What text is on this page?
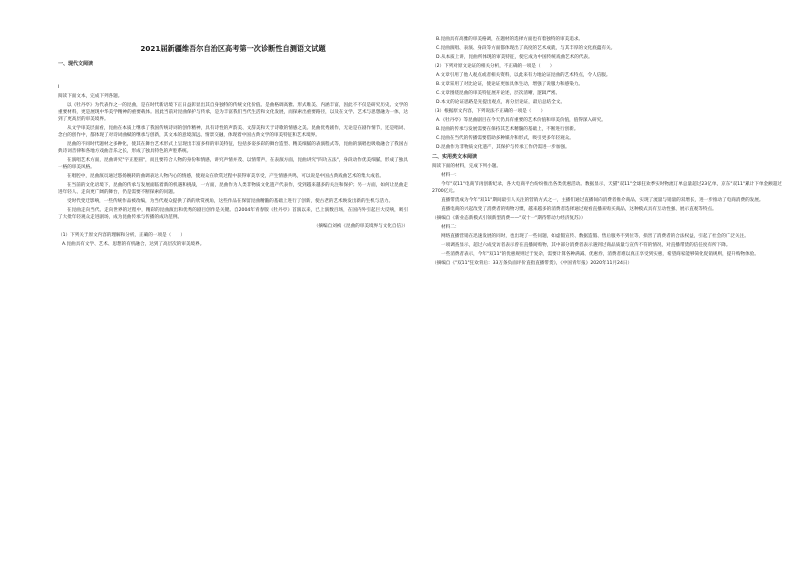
2021届新疆维吾尔自治区高考第一次诊断性自测语文试题
一、现代文阅读

I

阅读下面文本，完成下列各题。

以《牡丹亭》为代表作之一的昆曲，是在时代新语境下正日益彰显出其自身独特的传统文化价值。是曲格调高雅、形式唯美、内涵丰富，因此不不仅是研究历史、文学的重要材料，更是展现中华美学精神的重要载体。因此当前对昆曲保护与传承，是为丰富我们当代生活和文化发展，而探索出重要路径，以及在文学、艺术与思想融为一体，达到了更高层的审美境界。

从文学审美层面看，昆曲在本质上继承了我国传统诗词的创作精神，具有诗性的声韵美、文辞美和天于诗歌的情感之美。昆曲优秀剧作，无论是在剧作情节，还是唱词、念白的创作中，都体现了对诗词曲赋的继承与创新，其文本的意境深远、情景交融，体现着中国古典文学的审美特征和艺术境界。

昆曲的不同时代题材之多种化，使其在舞台艺术形式上呈现出丰富多样的审美特征，包括多姿多彩的舞台造型、精美细腻的表演程式等，昆曲的演唱也吸收融合了我国古典诗词音律和各地方戏曲音乐之长，形成了独具特色的声腔系统。

在演唱艺术方面，昆曲讲究"字正腔圆"，而且要符合人物的身份和情感，讲究声情并茂、以情带声，在表演方面，昆曲讲究"四功五法"，身段动作优美细腻，形成了独具一格的审美风格。

在唱腔中，昆曲演员通过悠扬婉转的曲调表达人物内心的情感，使观众在欣赏过程中获得审美享受，产生情感共鸣，可以说是中国古典戏曲艺术的集大成者。

在当前的文化语境下，昆曲的传承与发展面临着新的机遇和挑战，一方面，昆曲作为人类非物质文化遗产代表作，受到越来越多的关注和保护；另一方面，如何让昆曲走进年轻人、走向更广阔的舞台，仍是需要不断探索的问题。

受时代变迁影响，一些传统作品被改编，为当代观众提供了新的欣赏视角，这些作品在保留昆曲精髓的基础上进行了创新，使古老的艺术焕发出新的生机与活力。

在昆曲走向当代、走向世界的过程中，精彩的昆曲演出和优秀的剧目创作是关键。自2004年青春版《牡丹亭》首演以来，已上演数百场，在国内外引起巨大反响，吸引了大批年轻观众走进剧场，成为昆曲传承与传播的成功范例。

（摘编自刘祯《昆曲的审美境界与文化自信》）

（1）下列关于原文内容的理解和分析，正确的一项是（　　）

A.昆曲具有文学、艺术、思想的有机融合，达到了高层次的审美境界。

B.昆曲具有高雅的审美格调，在题材的选择方面也有着独特的审美追求。

C.昆曲演唱、表演、身段等方面都体现出了高度的艺术成就，与其丰厚的文化底蕴有关。

D.从本质上讲，昆曲所体现的审美特征，使它成为中国传统戏曲艺术的代表。

（2）下列对原文论证的相关分析，不正确的一项是（　　）

A.文章引用了他人观点或者相关资料，以此来有力地论证昆曲的艺术特点，令人信服。

B.文章采用了对比论证，使论证更加具体生动，增强了说服力和感染力。

C.文章围绕昆曲的审美特征展开论述，层次清晰，逻辑严密。

D.本文的论证思路是先提出观点，再分层论证，最后总结全文。

（3）根据原文内容，下列说法不正确的一项是（　　）

A.《牡丹亭》等昆曲剧目在今天仍具有重要的艺术价值和审美价值，值得深入研究。

B.昆曲的传承与发展需要在保持其艺术精髓的基础上，不断进行创新。

C.昆曲在当代的传播需要借助多种媒介和形式，吸引更多年轻观众。

D.昆曲作为非物质文化遗产，其保护与传承工作仍需进一步加强。

二、实用类文本阅读

阅读下面的材料，完成下列小题。

材料一：

今年"双11"电商节再创新纪录，各大电商平台纷纷推出各类优惠活动。数据显示，天猫"双11"全球狂欢季实时物流订单总量超过23亿单，京东"双11"累计下单金额超过2700亿元。

直播带货成为今年"双11"期间最引人关注的营销方式之一，主播们通过直播间向消费者推介商品，实现了流量与销量的双增长，进一步推动了电商消费的发展。

直播电商的兴起改变了消费者的购物习惯，越来越多的消费者选择通过观看直播来购买商品，这种模式具有互动性强、展示直观等特点。

（摘编自《新业态新模式引领新型消费——"双十一"期待带动力经济复苏》）

材料二：

网络直播营销在迅速发展的同时，也出现了一些问题，如虚假宣传、数据造假、售后服务不到位等，损害了消费者的合法权益，引起了社会的广泛关注。

一项调查显示，超过六成受访者表示曾在直播间购物，其中部分消费者表示遇到过商品质量与宣传不符的情况，对直播带货的信任度有所下降。

一些消费者表示，今年"双11"的优惠规则过于复杂，需要计算各种满减、优惠券，消费者难以真正享受到实惠，希望商家能够简化促销规则，提升购物体验。

（摘编自《"双11"狂欢背后：33万条负面评价直指直播带货》，《中国青年报》2020年11月24日）
